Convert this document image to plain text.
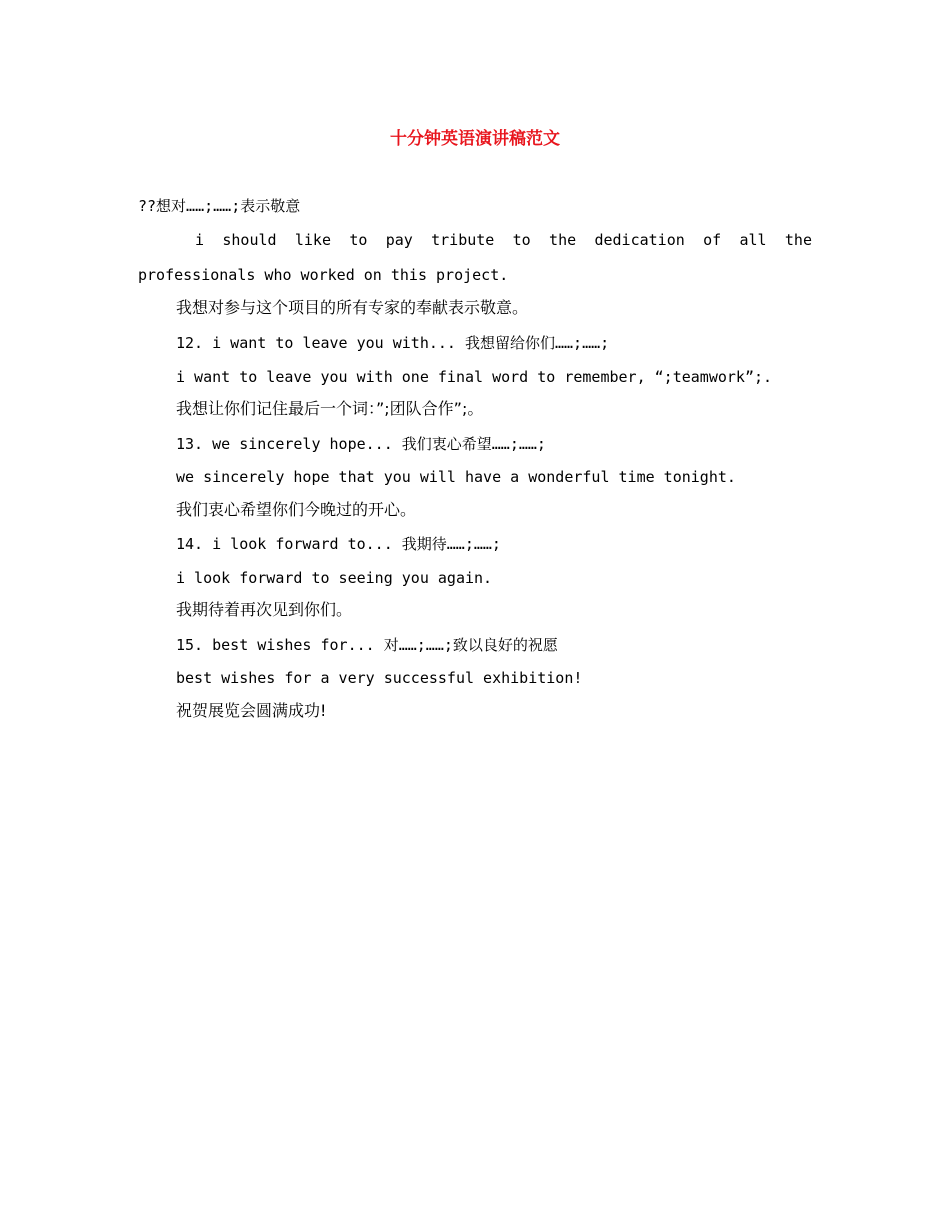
十分钟英语演讲稿范文
??想对……;……;表示敬意
i should like to pay tribute to the dedication of all the
professionals who worked on this project.
我想对参与这个项目的所有专家的奉献表示敬意。
12. i want to leave you with... 我想留给你们……;……;
i want to leave you with one final word to remember, “;teamwork”;.
我想让你们记住最后一个词：”;团队合作”;。
13. we sincerely hope... 我们衷心希望……;……;
we sincerely hope that you will have a wonderful time tonight.
我们衷心希望你们今晚过的开心。
14. i look forward to... 我期待……;……;
i look forward to seeing you again.
我期待着再次见到你们。
15. best wishes for... 对……;……;致以良好的祝愿
best wishes for a very successful exhibition!
祝贺展览会圆满成功!
